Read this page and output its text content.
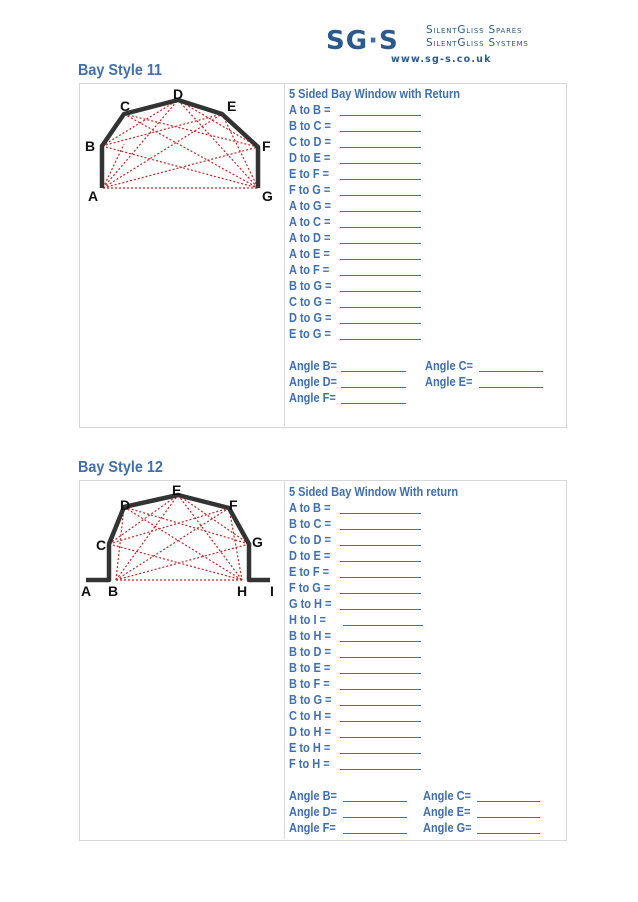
SG·S	SilentGliss Spares
SilentGliss Systems
www.sg-s.co.uk
Bay Style 11
A
B
C
D
E
F
G
5 Sided Bay Window with Return
A to B =
B to C =
C to D =
D to E =
E to F =
F to G =
A to G =
A to C =
A to D =
A to E =
A to F =
B to G =
C to G =
D to G =
E to G =
Angle B=	Angle C=
Angle D=	Angle E=
Angle F=
Bay Style 12
A B
C
D
E
F
G
H I
5 Sided Bay Window With return
A to B =
B to C =
C to D =
D to E =
E to F =
F to G =
G to H =
H to I =
B to H =
B to D =
B to E =
B to F =
B to G =
C to H =
D to H =
E to H =
F to H =
Angle B=	Angle C=
Angle D=	Angle E=
Angle F=	Angle G=
